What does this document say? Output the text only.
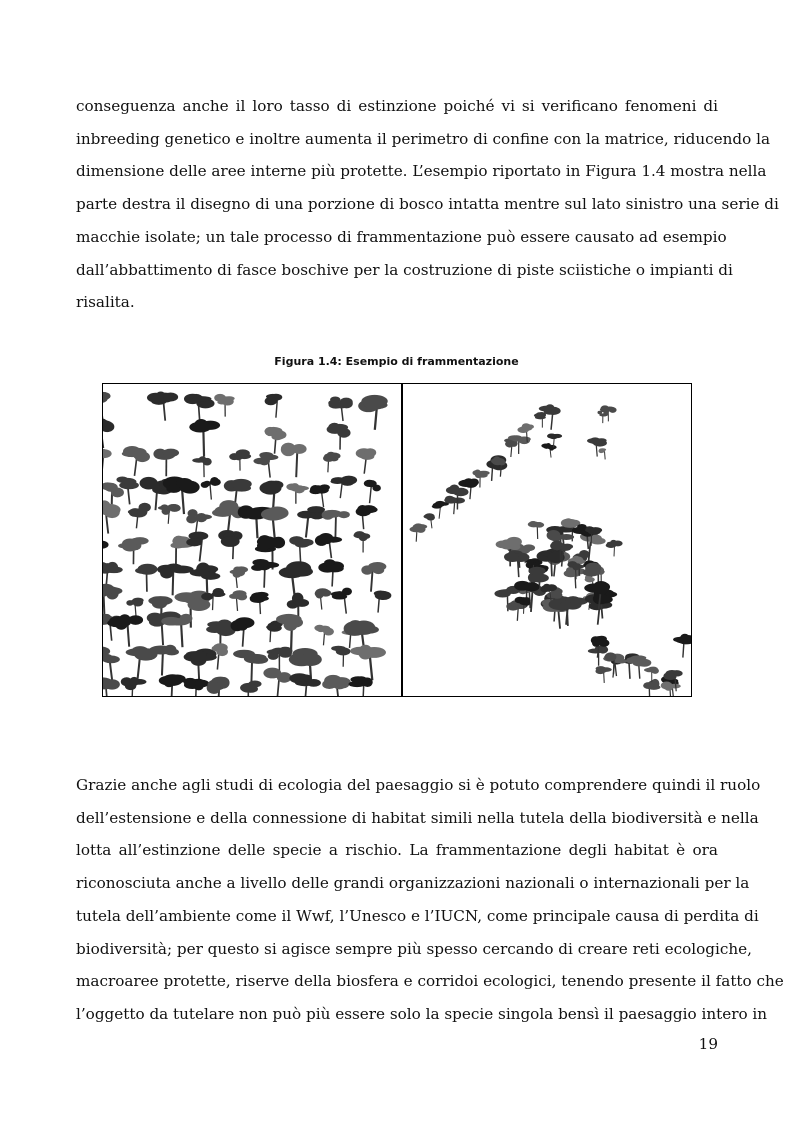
conseguenza anche il loro tasso di estinzione poiché vi si verificano fenomeni di
inbreeding genetico e inoltre aumenta il perimetro di confine con la matrice, riducendo la
dimensione delle aree interne più protette. L’esempio riportato in Figura 1.4 mostra nella
parte destra il disegno di una porzione di bosco intatta mentre sul lato sinistro una serie di
macchie isolate; un tale processo di frammentazione può essere causato ad esempio
dall’abbattimento di fasce boschive per la costruzione di piste sciistiche o impianti di
risalita.
Figura 1.4: Esempio di frammentazione
Grazie anche agli studi di ecologia del paesaggio si è potuto comprendere quindi il ruolo
dell’estensione e della connessione di habitat simili nella tutela della biodiversità e nella
lotta all’estinzione delle specie a rischio. La frammentazione degli habitat è ora
riconosciuta anche a livello delle grandi organizzazioni nazionali o internazionali per la
tutela dell’ambiente come il Wwf, l’Unesco e l’IUCN, come principale causa di perdita di
biodiversità; per questo si agisce sempre più spesso cercando di creare reti ecologiche,
macroaree protette, riserve della biosfera e corridoi ecologici, tenendo presente il fatto che
l’oggetto da tutelare non può più essere solo la specie singola bensì il paesaggio intero in
19
